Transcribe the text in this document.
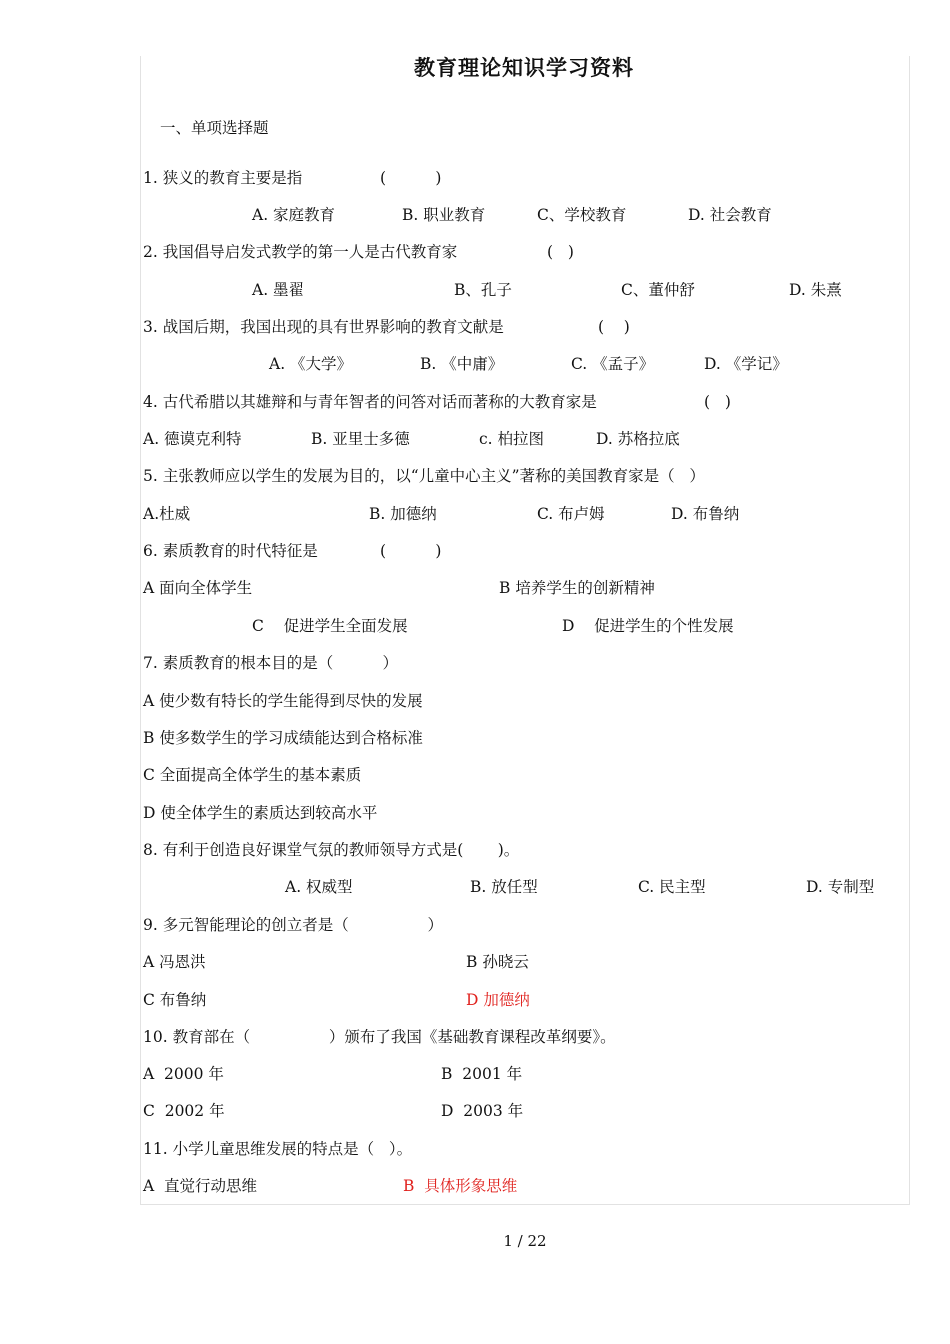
教育理论知识学习资料
一、单项选择题
1. 狭义的教育主要是指	(          )
A. 家庭教育	B. 职业教育	C、学校教育	D. 社会教育
2. 我国倡导启发式教学的第一人是古代教育家	(   )
A. 墨翟	B、孔子	C、董仲舒	D. 朱熹
3. 战国后期，我国出现的具有世界影响的教育文献是	(    )
A. 《大学》	B. 《中庸》	C. 《孟子》	D. 《学记》
4. 古代希腊以其雄辩和与青年智者的问答对话而著称的大教育家是	(   )
A. 德谟克利特	B. 亚里士多德	c. 柏拉图	D. 苏格拉底
5. 主张教师应以学生的发展为目的，以“儿童中心主义”著称的美国教育家是（   ）
A.杜威	B. 加德纳	C. 布卢姆	D. 布鲁纳
6. 素质教育的时代特征是	(          )
A 面向全体学生	B 培养学生的创新精神
C    促进学生全面发展	D    促进学生的个性发展
7. 素质教育的根本目的是（          ）
A 使少数有特长的学生能得到尽快的发展
B 使多数学生的学习成绩能达到合格标准
C 全面提高全体学生的基本素质
D 使全体学生的素质达到较高水平
8. 有利于创造良好课堂气氛的教师领导方式是(       )。
A. 权威型	B. 放任型	C. 民主型	D. 专制型
9. 多元智能理论的创立者是（                ）
A 冯恩洪	B 孙晓云
C 布鲁纳	D 加德纳
10. 教育部在（                ）颁布了我国《基础教育课程改革纲要》。
A  2000 年	B  2001 年
C  2002 年	D  2003 年
11. 小学儿童思维发展的特点是（   ）。
A  直觉行动思维	B  具体形象思维
1 / 22
